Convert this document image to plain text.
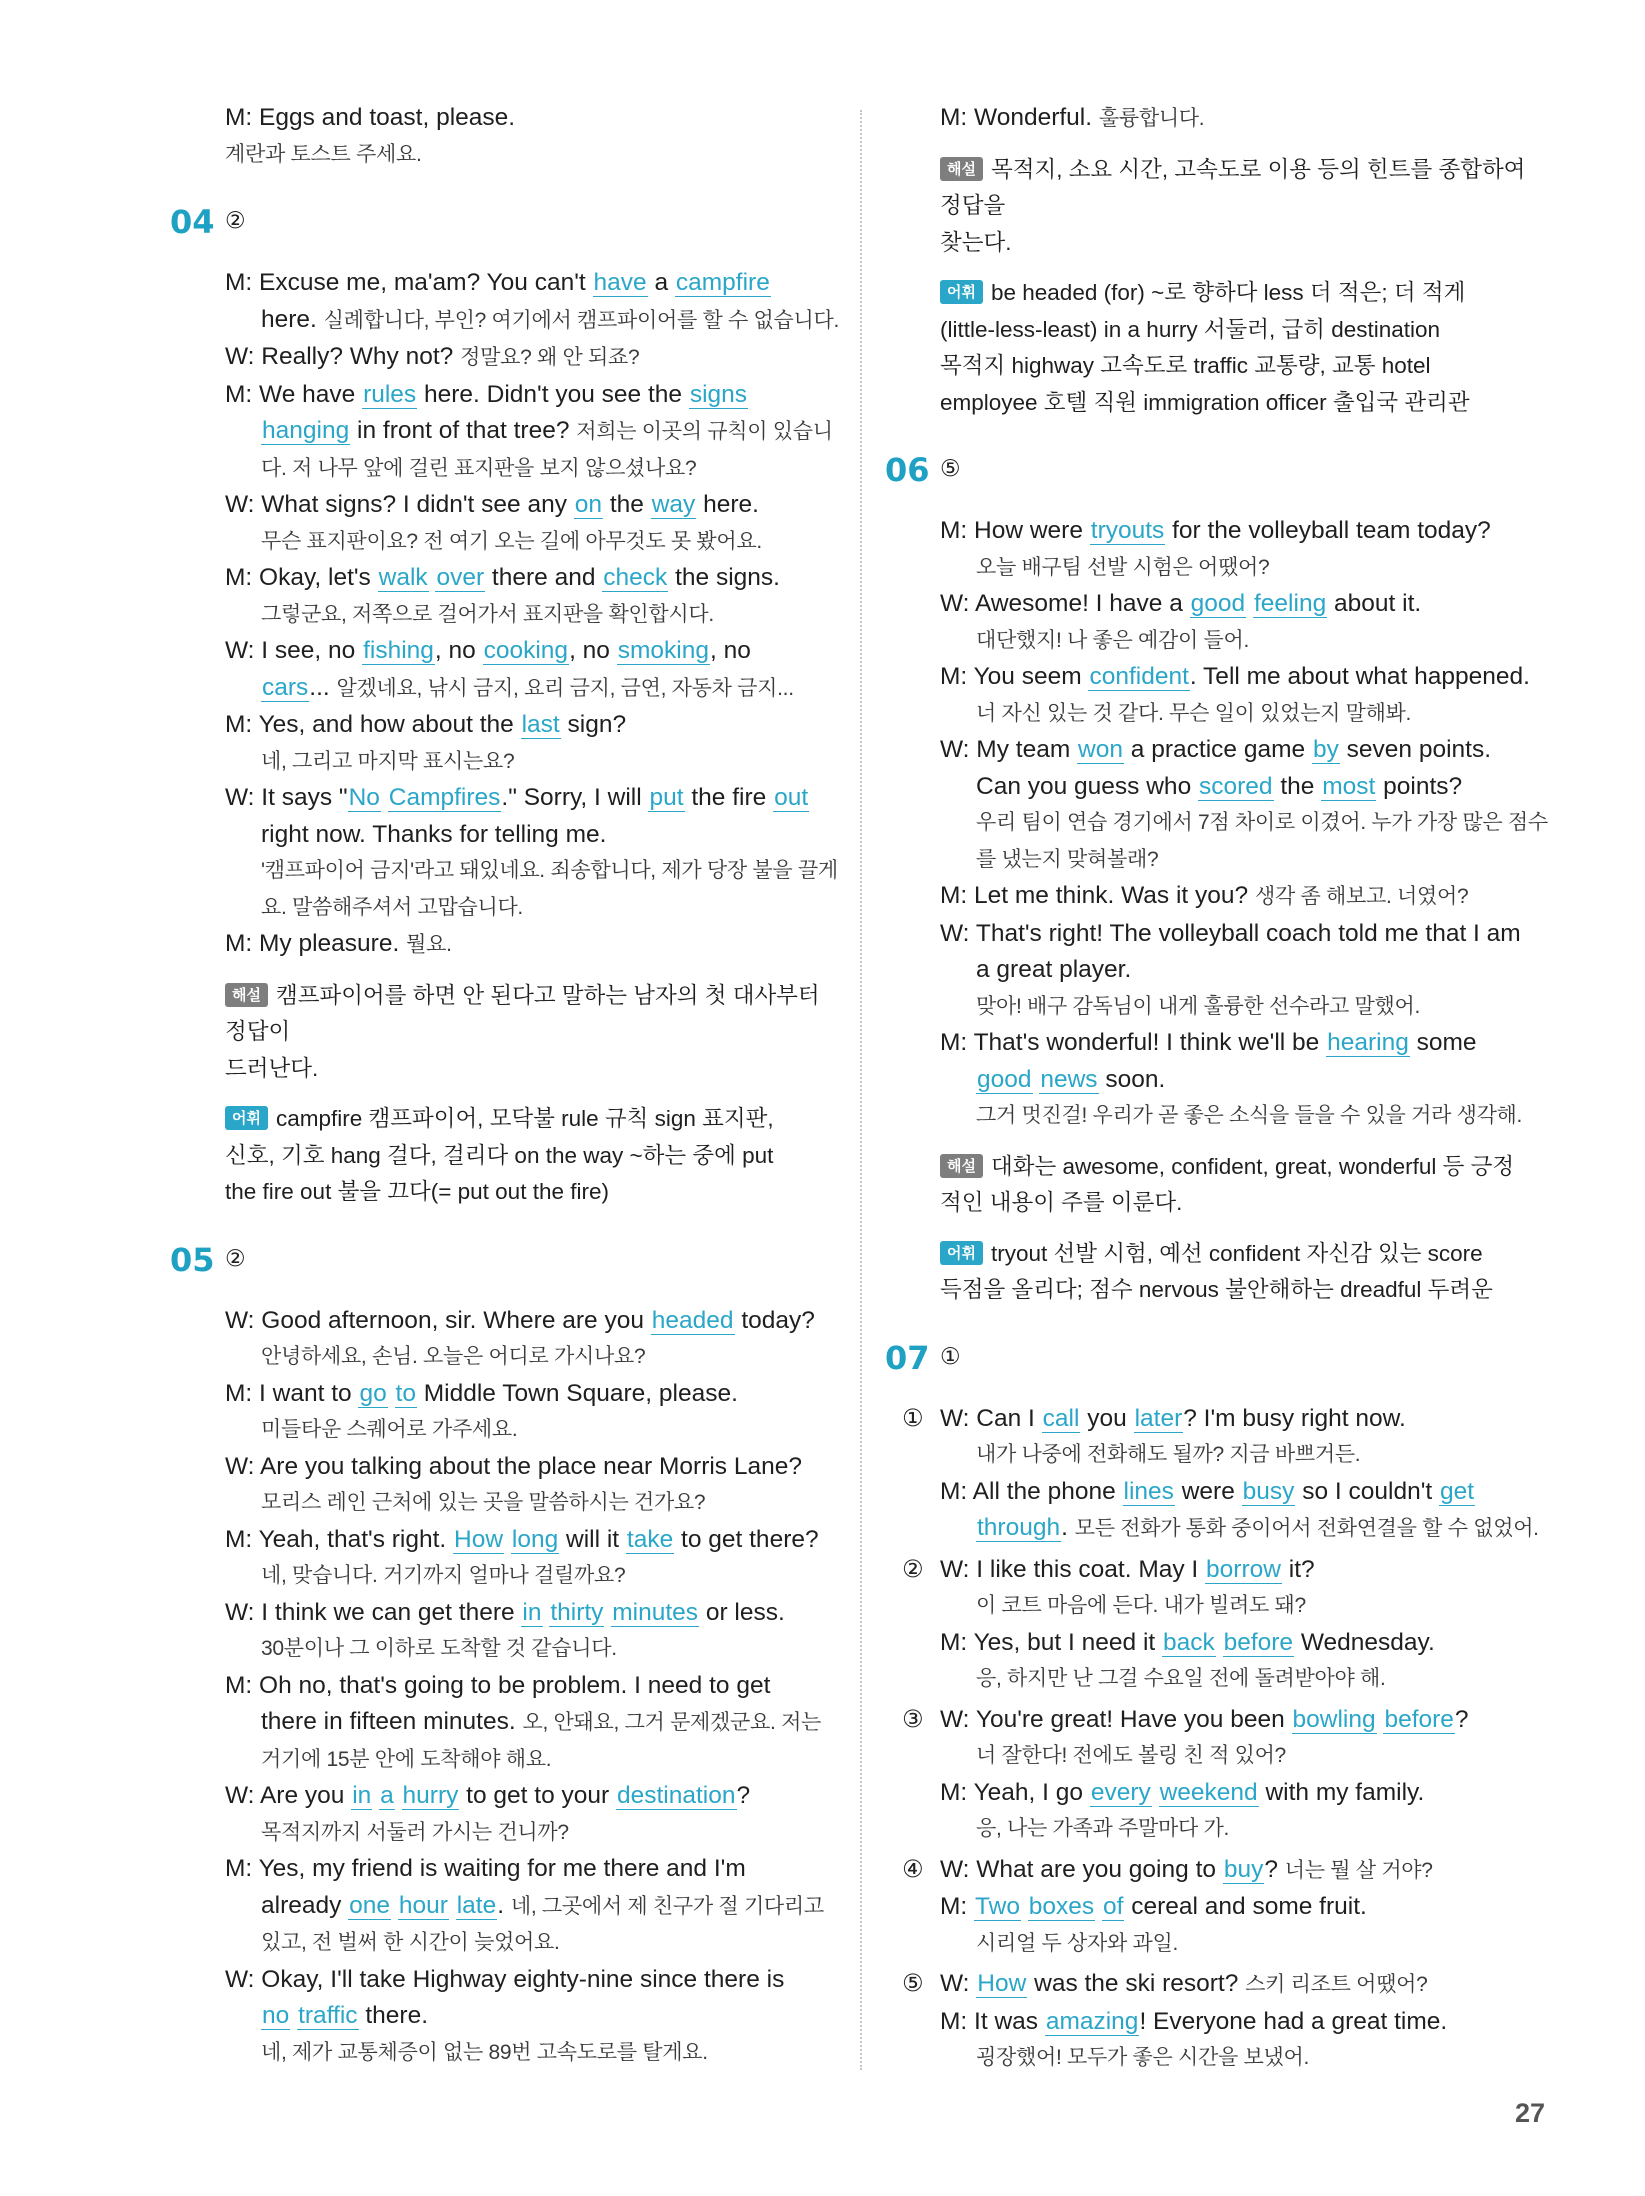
M: Eggs and toast, please.
계란과 토스트 주세요.
04 ②
M: Excuse me, ma'am? You can't have a campfire
here. 실례합니다, 부인? 여기에서 캠프파이어를 할 수 없습니다.
W: Really? Why not? 정말요? 왜 안 되죠?
M: We have rules here. Didn't you see the signs
hanging in front of that tree? 저희는 이곳의 규칙이 있습니
다. 저 나무 앞에 걸린 표지판을 보지 않으셨나요?
W: What signs? I didn't see any on the way here.
무슨 표지판이요? 전 여기 오는 길에 아무것도 못 봤어요.
M: Okay, let's walk over there and check the signs.
그렇군요, 저쪽으로 걸어가서 표지판을 확인합시다.
W: I see, no fishing, no cooking, no smoking, no
cars... 알겠네요, 낚시 금지, 요리 금지, 금연, 자동차 금지...
M: Yes, and how about the last sign?
네, 그리고 마지막 표시는요?
W: It says "No Campfires." Sorry, I will put the fire out
right now. Thanks for telling me.
'캠프파이어 금지'라고 돼있네요. 죄송합니다, 제가 당장 불을 끌게
요. 말씀해주셔서 고맙습니다.
M: My pleasure. 뭘요.
해설 캠프파이어를 하면 안 된다고 말하는 남자의 첫 대사부터 정답이
드러난다.
어휘 campfire 캠프파이어, 모닥불 rule 규칙 sign 표지판,
신호, 기호 hang 걸다, 걸리다 on the way ~하는 중에 put
the fire out 불을 끄다(= put out the fire)
05 ②
W: Good afternoon, sir. Where are you headed today?
안녕하세요, 손님. 오늘은 어디로 가시나요?
M: I want to go to Middle Town Square, please.
미들타운 스퀘어로 가주세요.
W: Are you talking about the place near Morris Lane?
모리스 레인 근처에 있는 곳을 말씀하시는 건가요?
M: Yeah, that's right. How long will it take to get there?
네, 맞습니다. 거기까지 얼마나 걸릴까요?
W: I think we can get there in thirty minutes or less.
30분이나 그 이하로 도착할 것 같습니다.
M: Oh no, that's going to be problem. I need to get
there in fifteen minutes. 오, 안돼요, 그거 문제겠군요. 저는
거기에 15분 안에 도착해야 해요.
W: Are you in a hurry to get to your destination?
목적지까지 서둘러 가시는 건니까?
M: Yes, my friend is waiting for me there and I'm
already one hour late. 네, 그곳에서 제 친구가 절 기다리고
있고, 전 벌써 한 시간이 늦었어요.
W: Okay, I'll take Highway eighty-nine since there is
no traffic there.
네, 제가 교통체증이 없는 89번 고속도로를 탈게요.
M: Wonderful. 훌륭합니다.
해설 목적지, 소요 시간, 고속도로 이용 등의 힌트를 종합하여 정답을
찾는다.
어휘 be headed (for) ~로 향하다 less 더 적은; 더 적게
(little-less-least) in a hurry 서둘러, 급히 destination
목적지 highway 고속도로 traffic 교통량, 교통 hotel
employee 호텔 직원 immigration officer 출입국 관리관
06 ⑤
M: How were tryouts for the volleyball team today?
오늘 배구팀 선발 시험은 어땠어?
W: Awesome! I have a good feeling about it.
대단했지! 나 좋은 예감이 들어.
M: You seem confident. Tell me about what happened.
너 자신 있는 것 같다. 무슨 일이 있었는지 말해봐.
W: My team won a practice game by seven points.
Can you guess who scored the most points?
우리 팀이 연습 경기에서 7점 차이로 이겼어. 누가 가장 많은 점수
를 냈는지 맞혀볼래?
M: Let me think. Was it you? 생각 좀 해보고. 너였어?
W: That's right! The volleyball coach told me that I am
a great player.
맞아! 배구 감독님이 내게 훌륭한 선수라고 말했어.
M: That's wonderful! I think we'll be hearing some
good news soon.
그거 멋진걸! 우리가 곧 좋은 소식을 들을 수 있을 거라 생각해.
해설 대화는 awesome, confident, great, wonderful 등 긍정
적인 내용이 주를 이룬다.
어휘 tryout 선발 시험, 예선 confident 자신감 있는 score
득점을 올리다; 점수 nervous 불안해하는 dreadful 두려운
07 ①
① W: Can I call you later? I'm busy right now.
내가 나중에 전화해도 될까? 지금 바쁘거든.
M: All the phone lines were busy so I couldn't get
through. 모든 전화가 통화 중이어서 전화연결을 할 수 없었어.
② W: I like this coat. May I borrow it?
이 코트 마음에 든다. 내가 빌려도 돼?
M: Yes, but I need it back before Wednesday.
응, 하지만 난 그걸 수요일 전에 돌려받아야 해.
③ W: You're great! Have you been bowling before?
너 잘한다! 전에도 볼링 친 적 있어?
M: Yeah, I go every weekend with my family.
응, 나는 가족과 주말마다 가.
④ W: What are you going to buy? 너는 뭘 살 거야?
M: Two boxes of cereal and some fruit.
시리얼 두 상자와 과일.
⑤ W: How was the ski resort? 스키 리조트 어땠어?
M: It was amazing! Everyone had a great time.
굉장했어! 모두가 좋은 시간을 보냈어.
27
